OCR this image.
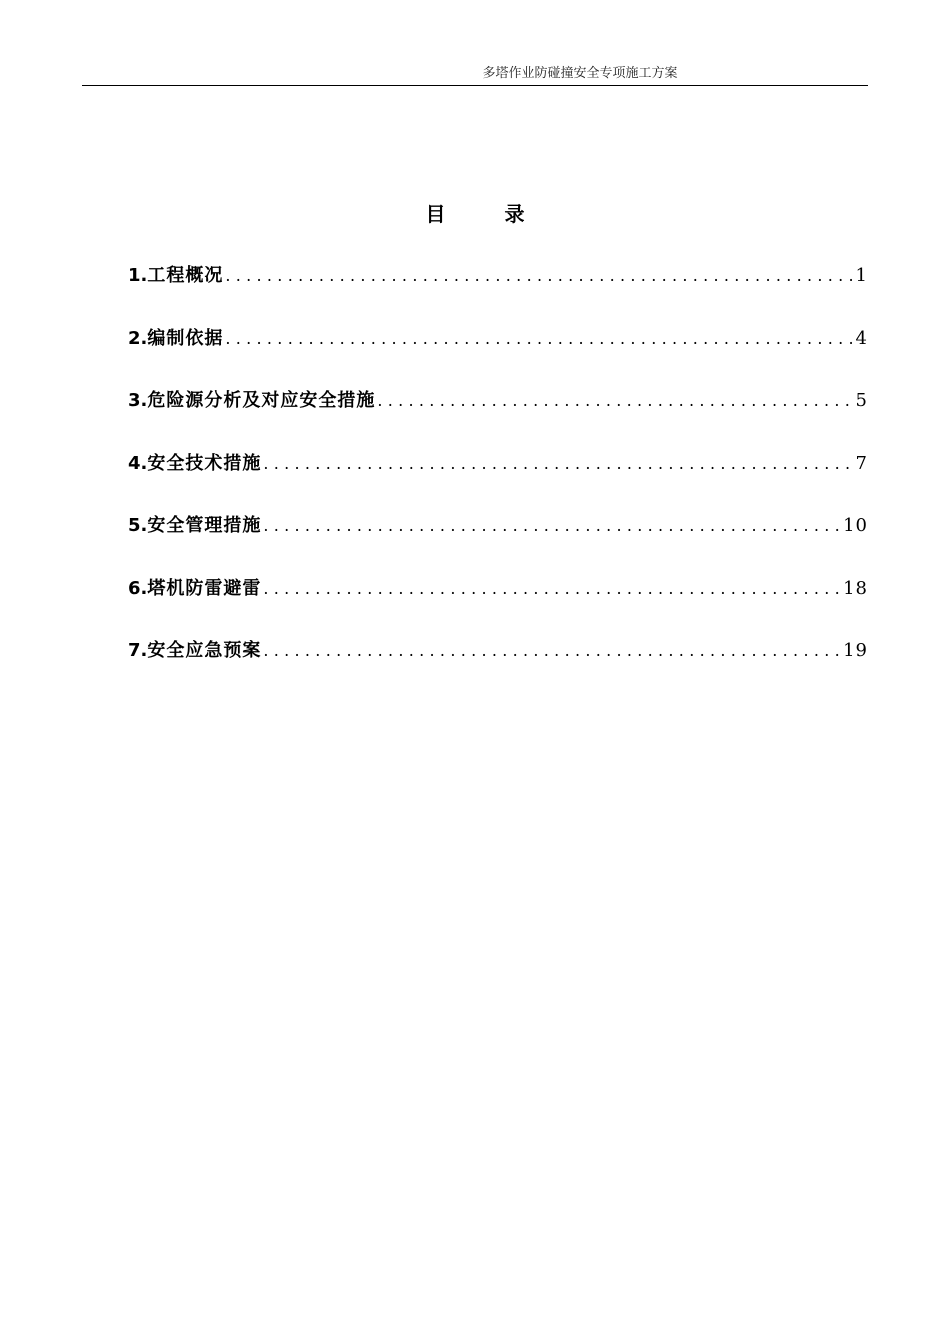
多塔作业防碰撞安全专项施工方案
目 录
1. 工程概况 .....	1
2. 编制依据 .....	4
3. 危险源分析及对应安全措施 .....	5
4. 安全技术措施 .....	7
5. 安全管理措施 .....	10
6. 塔机防雷避雷 .....	18
7. 安全应急预案 .....	19
